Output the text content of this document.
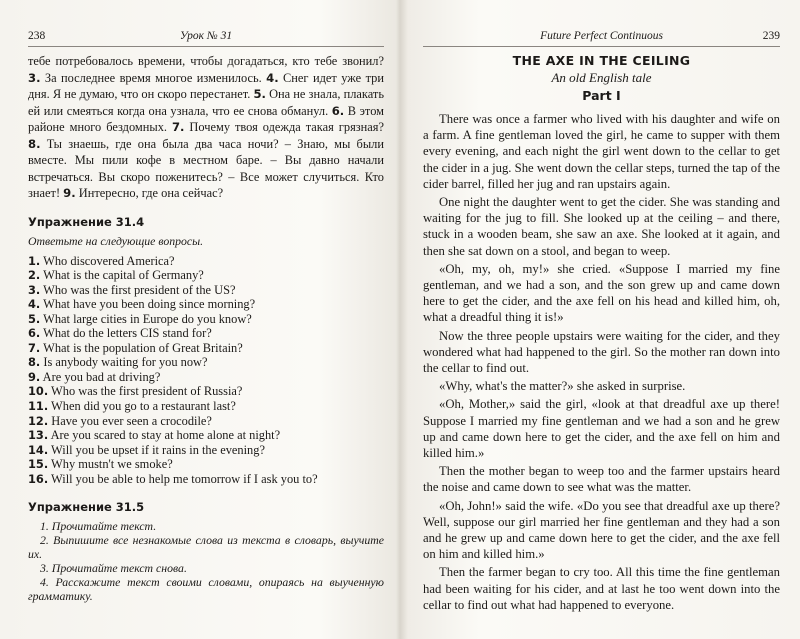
238	Урок № 31

тебе потребовалось времени, чтобы догадаться, кто тебе звонил? 3. За последнее время многое изменилось. 4. Снег идет уже три дня. Я не думаю, что он скоро перестанет. 5. Она не знала, плакать ей или смеяться когда она узнала, что ее снова обманул. 6. В этом районе много бездомных. 7. Почему твоя одежда такая грязная? 8. Ты знаешь, где она была два часа ночи? – Знаю, мы были вместе. Мы пили кофе в местном баре. – Вы давно начали встречаться. Вы скоро поженитесь? – Все может случиться. Кто знает! 9. Интересно, где она сейчас?

Упражнение 31.4
Ответьте на следующие вопросы.
1. Who discovered America?
2. What is the capital of Germany?
3. Who was the first president of the US?
4. What have you been doing since morning?
5. What large cities in Europe do you know?
6. What do the letters CIS stand for?
7. What is the population of Great Britain?
8. Is anybody waiting for you now?
9. Are you bad at driving?
10. Who was the first president of Russia?
11. When did you go to a restaurant last?
12. Have you ever seen a crocodile?
13. Are you scared to stay at home alone at night?
14. Will you be upset if it rains in the evening?
15. Why mustn't we smoke?
16. Will you be able to help me tomorrow if I ask you to?
Упражнение 31.5
1. Прочитайте текст.
2. Выпишите все незнакомые слова из текста в словарь, выучите их.
3. Прочитайте текст снова.
4. Расскажите текст своими словами, опираясь на выученную грамматику.
Future Perfect Continuous	239
THE AXE IN THE CEILING
An old English tale
Part I

There was once a farmer who lived with his daughter and wife on a farm. A fine gentleman loved the girl, he came to supper with them every evening, and each night the girl went down to the cellar to get the cider in a jug. She went down the cellar steps, turned the tap of the cider barrel, filled her jug and ran upstairs again.

One night the daughter went to get the cider. She was standing and waiting for the jug to fill. She looked up at the ceiling – and there, stuck in a wooden beam, she saw an axe. She looked at it again, and then she sat down on a stool, and began to weep.

«Oh, my, oh, my!» she cried. «Suppose I married my fine gentleman, and we had a son, and the son grew up and came down here to get the cider, and the axe fell on his head and killed him, oh, what a dreadful thing it is!»

Now the three people upstairs were waiting for the cider, and they wondered what had happened to the girl. So the mother ran down into the cellar to find out.

«Why, what's the matter?» she asked in surprise.

«Oh, Mother,» said the girl, «look at that dreadful axe up there! Suppose I married my fine gentleman and we had a son and he grew up and came down here to get the cider, and the axe fell on him and killed him.»

Then the mother began to weep too and the farmer upstairs heard the noise and came down to see what was the matter.

«Oh, John!» said the wife. «Do you see that dreadful axe up there? Well, suppose our girl married her fine gentleman and they had a son and he grew up and came down here to get the cider, and the axe fell on him and killed him.»

Then the farmer began to cry too. All this time the fine gentleman had been waiting for his cider, and at last he too went down into the cellar to find out what had happened to everyone.
